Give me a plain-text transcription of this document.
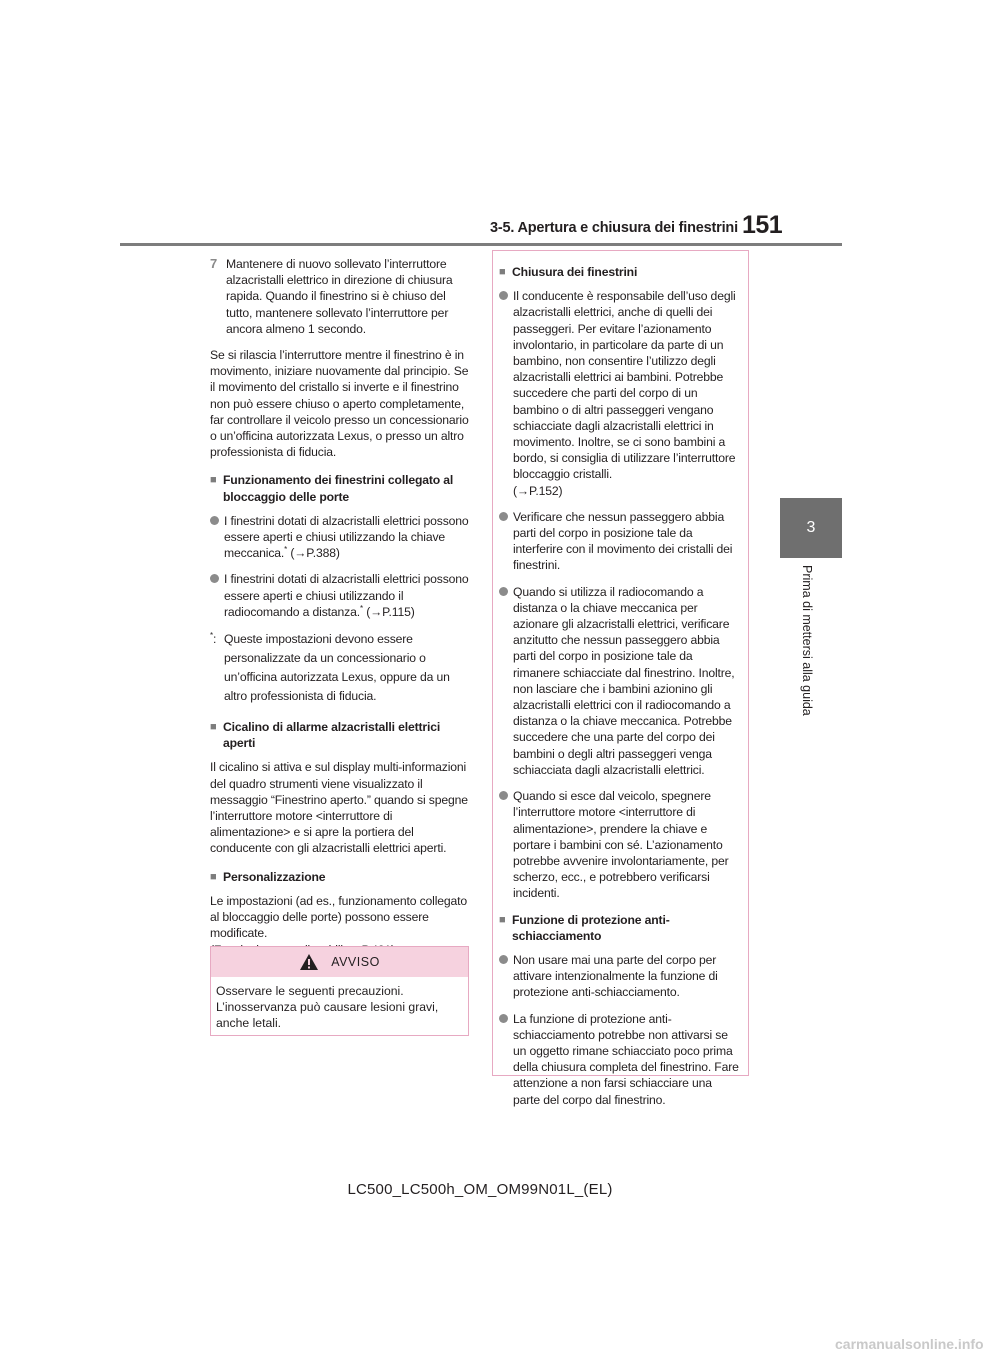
3-5. Apertura e chiusura dei finestrini 151
3
Prima di mettersi alla guida
7 Mantenere di nuovo sollevato l’interruttore alzacristalli elettrico in direzione di chiusura rapida. Quando il finestrino si è chiuso del tutto, mantenere sollevato l’interruttore per ancora almeno 1 secondo.

Se si rilascia l’interruttore mentre il finestrino è in movimento, iniziare nuovamente dal principio. Se il movimento del cristallo si inverte e il finestrino non può essere chiuso o aperto completamente, far controllare il veicolo presso un concessionario o un’officina autorizzata Lexus, o presso un altro professionista di fiducia.

■ Funzionamento dei finestrini collegato al bloccaggio delle porte
I finestrini dotati di alzacristalli elettrici possono essere aperti e chiusi utilizzando la chiave meccanica.* (→P.388)
I finestrini dotati di alzacristalli elettrici possono essere aperti e chiusi utilizzando il radiocomando a distanza.* (→P.115)
*: Queste impostazioni devono essere personalizzate da un concessionario o un’officina autorizzata Lexus, oppure da un altro professionista di fiducia.
■ Cicalino di allarme alzacristalli elettrici aperti

Il cicalino si attiva e sul display multi-informazioni del quadro strumenti viene visualizzato il messaggio “Finestrino aperto.” quando si spegne l’interruttore motore <interruttore di alimentazione> e si apre la portiera del conducente con gli alzacristalli elettrici aperti.

■ Personalizzazione

Le impostazioni (ad es., funzionamento collegato al bloccaggio delle porte) possono essere modificate.

AVVISO
Osservare le seguenti precauzioni. L’inosservanza può causare lesioni gravi, anche letali.
■ Chiusura dei finestrini
Il conducente è responsabile dell’uso degli alzacristalli elettrici, anche di quelli dei passeggeri. Per evitare l’azionamento involontario, in particolare da parte di un bambino, non consentire l’utilizzo degli alzacristalli elettrici ai bambini. Potrebbe succedere che parti del corpo di un bambino o di altri passeggeri vengano schiacciate dagli alzacristalli elettrici in movimento. Inoltre, se ci sono bambini a bordo, si consiglia di utilizzare l’interruttore bloccaggio cristalli.
(→P.152)
Verificare che nessun passeggero abbia parti del corpo in posizione tale da interferire con il movimento dei cristalli dei finestrini.
Quando si utilizza il radiocomando a distanza o la chiave meccanica per azionare gli alzacristalli elettrici, verificare anzitutto che nessun passeggero abbia parti del corpo in posizione tale da rimanere schiacciate dal finestrino. Inoltre, non lasciare che i bambini azionino gli alzacristalli elettrici con il radiocomando a distanza o la chiave meccanica. Potrebbe succedere che una parte del corpo dei bambini o degli altri passeggeri venga schiacciata dagli alzacristalli elettrici.
Quando si esce dal veicolo, spegnere l’interruttore motore <interruttore di alimentazione>, prendere la chiave e portare i bambini con sé. L’azionamento potrebbe avvenire involontariamente, per scherzo, ecc., e potrebbero verificarsi incidenti.
■ Funzione di protezione anti-schiacciamento
Non usare mai una parte del corpo per attivare intenzionalmente la funzione di protezione anti-schiacciamento.
La funzione di protezione anti-schiacciamento potrebbe non attivarsi se un oggetto rimane schiacciato poco prima della chiusura completa del finestrino. Fare attenzione a non farsi schiacciare una parte del corpo dal finestrino.
LC500_LC500h_OM_OM99N01L_(EL)
carmanualsonline.info
